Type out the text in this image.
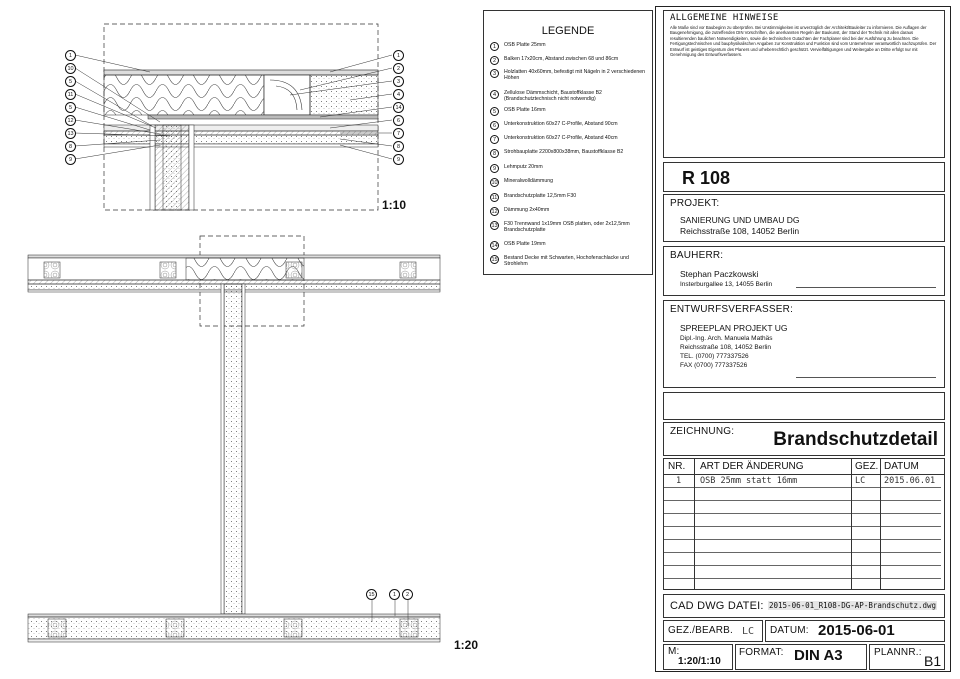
1
10
5
11
5
12
13
8
9
1
2
3
4
14
6
7
8
9
15	1	2
1:10
1:20
LEGENDE
1	OSB Platte 25mm
2	Balken 17x20cm, Abstand zwischen 68 und 86cm
3	Holzlatten 40x60mm, befestigt mit Nägeln in 2 verschiedenen Höhen
4	Zellulose Dämmschicht, Baustoffklasse B2 (Brandschutztechnisch nicht notwendig)
5	OSB Platte 16mm
6	Unterkonstruktion 60x27 C-Profile, Abstand 90cm
7	Unterkonstruktion 60x27 C-Profile, Abstand 40cm
8	Strohbauplatte 2200x800x38mm, Baustoffklasse B2
9	Lehmputz 20mm
10 Mineralwolldämmung
11	Brandschutzplatte 12,5mm F30
12 Dämmung 2x40mm
13 F30 Trennwand 1x19mm OSB platten, oder 2x12,5mm Brandschutzplatte
14 OSB Platte 19mm
15 Bestand Decke mit Schwarten, Hochofenschlacke und Strohlehm
ALLGEMEINE HINWEISE
Alle Maße sind vor Baubeginn zu überprüfen. Bei Unstimmigkeiten ist unverzüglich der Architekt/Bauleiter zu informieren. Die Auflagen der Baugenehmigung, die zutreffenden DIN Vorschriften, die anerkannten Regeln der Baukunst, der Stand der Technik mit allen daraus resultierenden baulichen Notwendigkeiten, sowie die technischen Gutachten der Fachplaner sind bei der Ausführung zu beachten. Die Fertigungstechnischen und bauphysikalischen Angaben zur Konstruktion und Funktion sind vom Unternehmer verantwortlich nachzuprüfen. Der Entwurf ist geistiges Eigentum des Planers und urheberrechtlich geschützt. Vervielfältigungen und Weitergabe an Dritte erfolgt nur mit Genehmigung des Entwurfsverfassers.
R 108
PROJEKT:
SANIERUNG UND UMBAU DG
Reichsstraße 108, 14052 Berlin
BAUHERR:
Stephan Paczkowski
Insterburgallee 13, 14055 Berlin
ENTWURFSVERFASSER:
SPREEPLAN PROJEKT UG
Dipl.-Ing. Arch. Manuela Mathäs
Reichsstraße 108, 14052 Berlin
TEL. (0700) 777337526
FAX (0700) 777337526
ZEICHNUNG: Brandschutzdetail
NR. ART DER ÄNDERUNG	GEZ. DATUM
1 OSB 25mm statt 16mm	LC 2015.06.01
CAD DWG DATEI: 2015-06-01_R108-DG-AP-Brandschutz.dwg
GEZ./BEARB. LC DATUM: 2015-06-01
M:
1:20/1:10
FORMAT: DIN A3	PLANNR.:
B1
